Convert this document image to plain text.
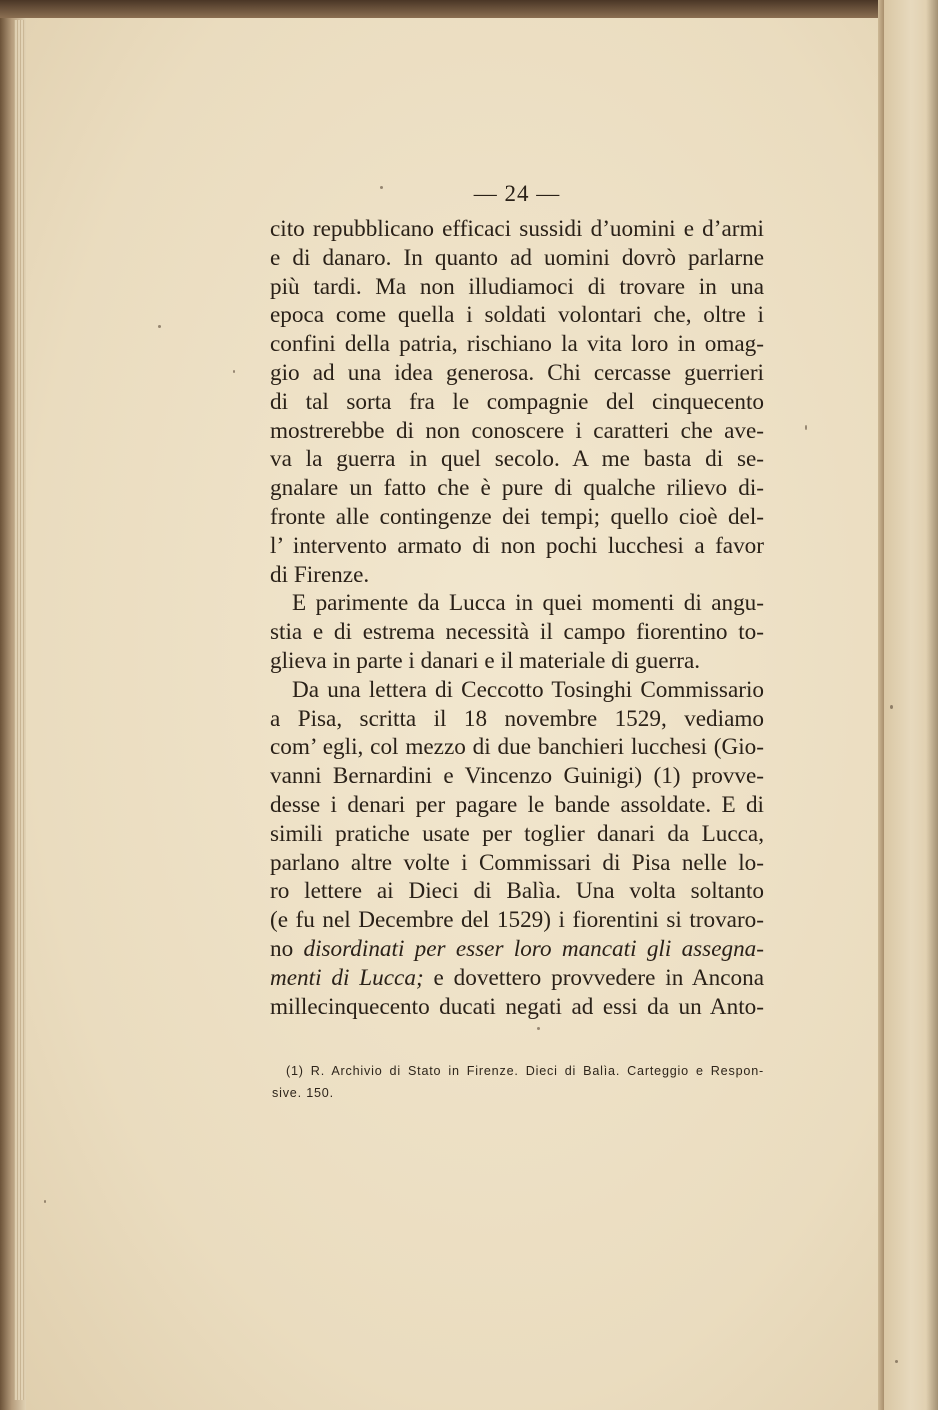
— 24 —
cito repubblicano efficaci sussidi d’uomini e d’armi
e di danaro. In quanto ad uomini dovrò parlarne
più tardi. Ma non illudiamoci di trovare in una
epoca come quella i soldati volontari che, oltre i
confini della patria, rischiano la vita loro in omag-
gio ad una idea generosa. Chi cercasse guerrieri
di tal sorta fra le compagnie del cinquecento
mostrerebbe di non conoscere i caratteri che ave-
va la guerra in quel secolo. A me basta di se-
gnalare un fatto che è pure di qualche rilievo di-
fronte alle contingenze dei tempi; quello cioè del-
l’ intervento armato di non pochi lucchesi a favor
di Firenze.
E parimente da Lucca in quei momenti di angu-
stia e di estrema necessità il campo fiorentino to-
glieva in parte i danari e il materiale di guerra.
Da una lettera di Ceccotto Tosinghi Commissario
a Pisa, scritta il 18 novembre 1529, vediamo
com’ egli, col mezzo di due banchieri lucchesi (Gio-
vanni Bernardini e Vincenzo Guinigi) (1) provve-
desse i denari per pagare le bande assoldate. E di
simili pratiche usate per toglier danari da Lucca,
parlano altre volte i Commissari di Pisa nelle lo-
ro lettere ai Dieci di Balìa. Una volta soltanto
(e fu nel Decembre del 1529) i fiorentini si trovaro-
no disordinati per esser loro mancati gli assegna-
menti di Lucca; e dovettero provvedere in Ancona
millecinquecento ducati negati ad essi da un Anto-
(1) R. Archivio di Stato in Firenze. Dieci di Balìa. Carteggio e Respon-
sive. 150.
